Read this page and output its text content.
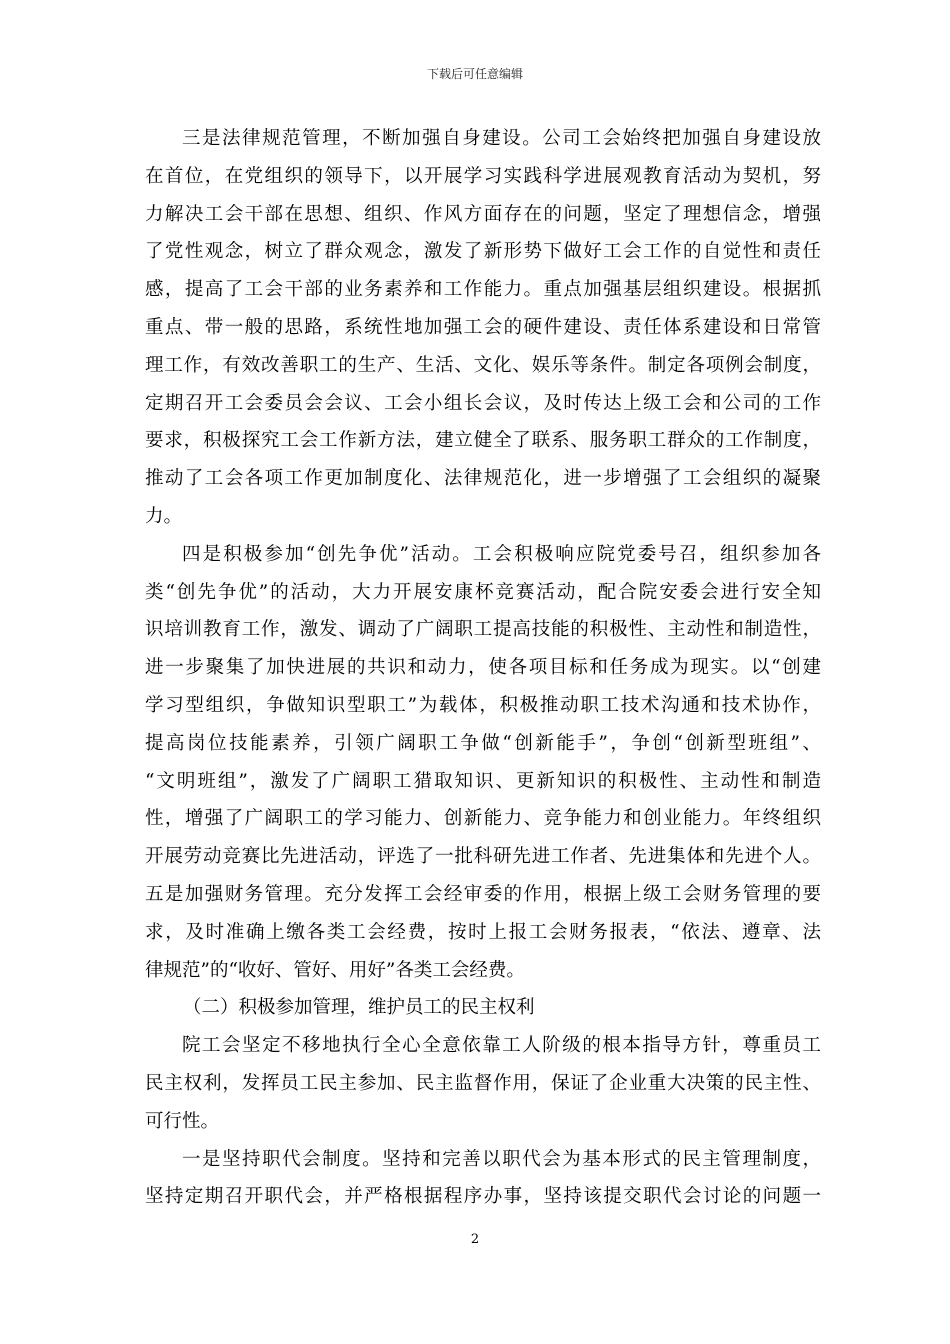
下载后可任意编辑
三是法律规范管理，不断加强自身建设。公司工会始终把加强自身建设放
在首位，在党组织的领导下，以开展学习实践科学进展观教育活动为契机，努
力解决工会干部在思想、组织、作风方面存在的问题，坚定了理想信念，增强
了党性观念，树立了群众观念，激发了新形势下做好工会工作的自觉性和责任
感，提高了工会干部的业务素养和工作能力。重点加强基层组织建设。根据抓
重点、带一般的思路，系统性地加强工会的硬件建设、责任体系建设和日常管
理工作，有效改善职工的生产、生活、文化、娱乐等条件。制定各项例会制度，
定期召开工会委员会会议、工会小组长会议，及时传达上级工会和公司的工作
要求，积极探究工会工作新方法，建立健全了联系、服务职工群众的工作制度，
推动了工会各项工作更加制度化、法律规范化，进一步增强了工会组织的凝聚
力。
四是积极参加“创先争优”活动。工会积极响应院党委号召，组织参加各
类“创先争优”的活动，大力开展安康杯竞赛活动，配合院安委会进行安全知
识培训教育工作，激发、调动了广阔职工提高技能的积极性、主动性和制造性，
进一步聚集了加快进展的共识和动力，使各项目标和任务成为现实。以“创建
学习型组织，争做知识型职工”为载体，积极推动职工技术沟通和技术协作，
提高岗位技能素养，引领广阔职工争做“创新能手”，争创“创新型班组”、
“文明班组”，激发了广阔职工猎取知识、更新知识的积极性、主动性和制造
性，增强了广阔职工的学习能力、创新能力、竞争能力和创业能力。年终组织
开展劳动竞赛比先进活动，评选了一批科研先进工作者、先进集体和先进个人。
五是加强财务管理。充分发挥工会经审委的作用，根据上级工会财务管理的要
求，及时准确上缴各类工会经费，按时上报工会财务报表，“依法、遵章、法
律规范”的“收好、管好、用好”各类工会经费。
（二）积极参加管理，维护员工的民主权利
院工会坚定不移地执行全心全意依靠工人阶级的根本指导方针，尊重员工
民主权利，发挥员工民主参加、民主监督作用，保证了企业重大决策的民主性、
可行性。
一是坚持职代会制度。坚持和完善以职代会为基本形式的民主管理制度，
坚持定期召开职代会，并严格根据程序办事，坚持该提交职代会讨论的问题一
2
